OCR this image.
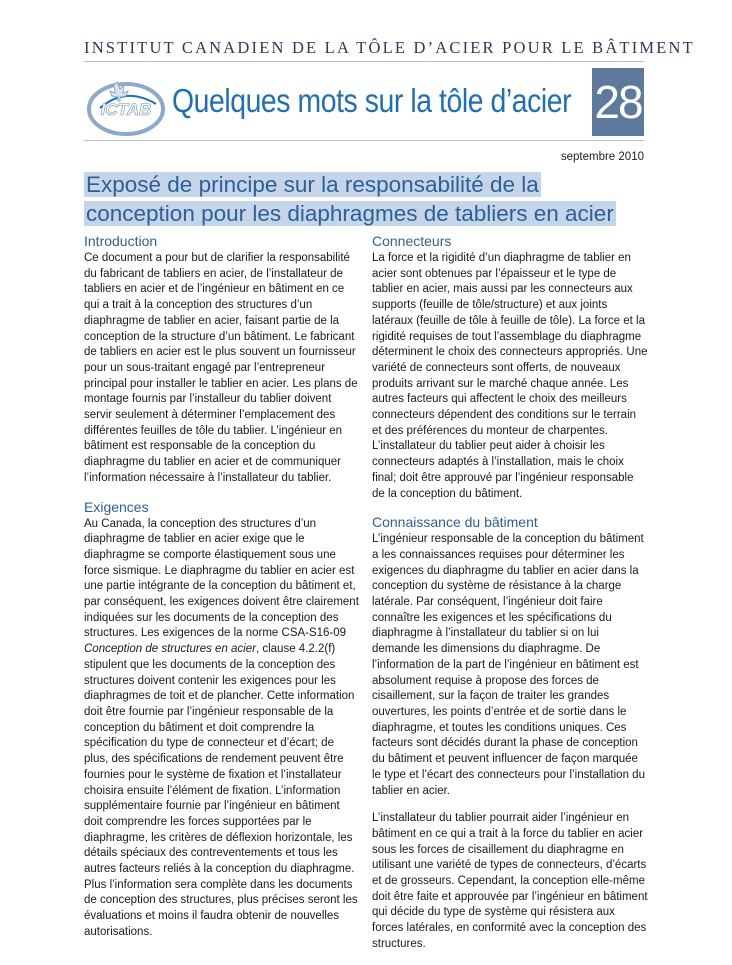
INSTITUT CANADIEN DE LA TÔLE D’ACIER POUR LE BÂTIMENT
ICTAB Quelques mots sur la tôle d’acier 28
septembre 2010
Exposé de principe sur la responsabilité de la
conception pour les diaphragmes de tabliers en acier
Introduction

Ce document a pour but de clarifier la responsabilité du fabricant de tabliers en acier, de l’installateur de tabliers en acier et de l’ingénieur en bâtiment en ce qui a trait à la conception des structures d’un diaphragme de tablier en acier, faisant partie de la conception de la structure d’un bâtiment. Le fabricant de tabliers en acier est le plus souvent un fournisseur pour un sous-traitant engagé par l’entrepreneur principal pour installer le tablier en acier. Les plans de montage fournis par l’installeur du tablier doivent servir seulement à déterminer l’emplacement des différentes feuilles de tôle du tablier. L’ingénieur en bâtiment est responsable de la conception du diaphragme du tablier en acier et de communiquer l’information nécessaire à l’installateur du tablier.

Exigences

Au Canada, la conception des structures d’un diaphragme de tablier en acier exige que le diaphragme se comporte élastiquement sous une force sismique. Le diaphragme du tablier en acier est une partie intégrante de la conception du bâtiment et, par conséquent, les exigences doivent être clairement indiquées sur les documents de la conception des structures. Les exigences de la norme CSA-S16-09 Conception de structures en acier, clause 4.2.2(f) stipulent que les documents de la conception des structures doivent contenir les exigences pour les diaphragmes de toit et de plancher. Cette information doit être fournie par l’ingénieur responsable de la conception du bâtiment et doit comprendre la spécification du type de connecteur et d’écart; de plus, des spécifications de rendement peuvent être fournies pour le système de fixation et l’installateur choisira ensuite l’élément de fixation. L’information supplémentaire fournie par l’ingénieur en bâtiment doit comprendre les forces supportées par le diaphragme, les critères de déflexion horizontale, les détails spéciaux des contreventements et tous les autres facteurs reliés à la conception du diaphragme. Plus l’information sera complète dans les documents de conception des structures, plus précises seront les évaluations et moins il faudra obtenir de nouvelles autorisations.

Connecteurs

La force et la rigidité d’un diaphragme de tablier en acier sont obtenues par l’épaisseur et le type de tablier en acier, mais aussi par les connecteurs aux supports (feuille de tôle/structure) et aux joints latéraux (feuille de tôle à feuille de tôle). La force et la rigidité requises de tout l’assemblage du diaphragme déterminent le choix des connecteurs appropriés. Une variété de connecteurs sont offerts, de nouveaux produits arrivant sur le marché chaque année. Les autres facteurs qui affectent le choix des meilleurs connecteurs dépendent des conditions sur le terrain et des préférences du monteur de charpentes. L’installateur du tablier peut aider à choisir les connecteurs adaptés à l’installation, mais le choix final; doit être approuvé par l’ingénieur responsable de la conception du bâtiment.

Connaissance du bâtiment

L’ingénieur responsable de la conception du bâtiment a les connaissances requises pour déterminer les exigences du diaphragme du tablier en acier dans la conception du système de résistance à la charge latérale. Par conséquent, l’ingénieur doit faire connaître les exigences et les spécifications du diaphragme à l’installateur du tablier si on lui demande les dimensions du diaphragme. De l’information de la part de l’ingénieur en bâtiment est absolument requise à propose des forces de cisaillement, sur la façon de traiter les grandes ouvertures, les points d’entrée et de sortie dans le diaphragme, et toutes les conditions uniques. Ces facteurs sont décidés durant la phase de conception du bâtiment et peuvent influencer de façon marquée le type et l’écart des connecteurs pour l’installation du tablier en acier.

L’installateur du tablier pourrait aider l’ingénieur en bâtiment en ce qui a trait à la force du tablier en acier sous les forces de cisaillement du diaphragme en utilisant une variété de types de connecteurs, d’écarts et de grosseurs. Cependant, la conception elle-même doit être faite et approuvée par l’ingénieur en bâtiment qui décide du type de système qui résistera aux forces latérales, en conformité avec la conception des structures.
